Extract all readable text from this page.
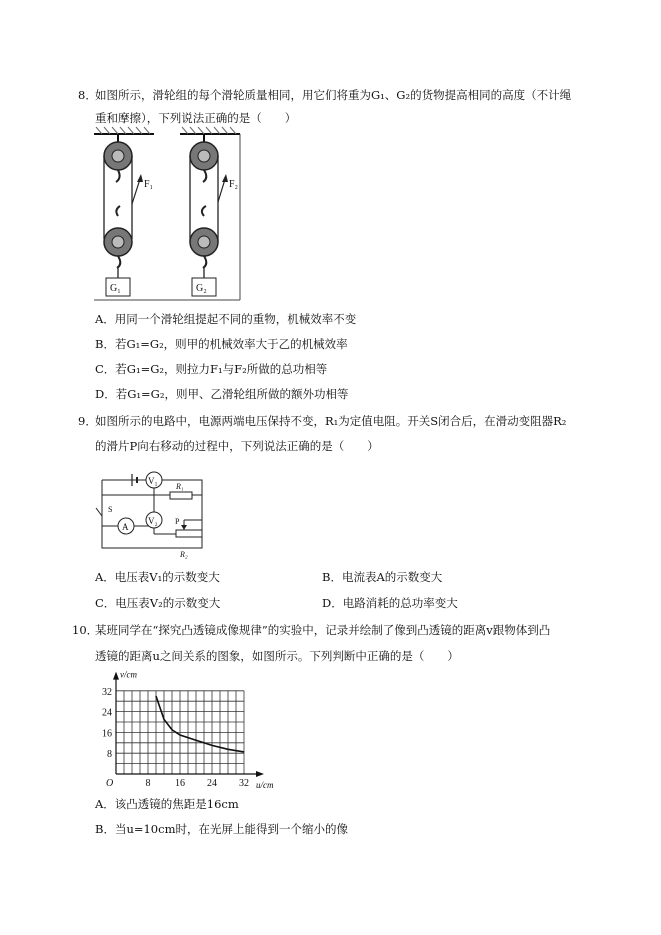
8．
如图所示，滑轮组的每个滑轮质量相同，用它们将重为G₁、G₂的货物提高相同的高度（不计绳
重和摩擦），下列说法正确的是（　　）
F₁	F₂
G₁	G₂
A．用同一个滑轮组提起不同的重物，机械效率不变
B．若G₁=G₂，则甲的机械效率大于乙的机械效率
C．若G₁=G₂，则拉力F₁与F₂所做的总功相等
D．若G₁=G₂，则甲、乙滑轮组所做的额外功相等
9．
如图所示的电路中，电源两端电压保持不变，R₁为定值电阻。开关S闭合后，在滑动变阻器R₂
的滑片P向右移动的过程中，下列说法正确的是（　　）
V₁
V₂
A
R₁
R₂
S
P
A．电压表V₁的示数变大	B．电流表A的示数变大
C．电压表V₂的示数变大	D．电路消耗的总功率变大
10．
某班同学在“探究凸透镜成像规律”的实验中，记录并绘制了像到凸透镜的距离v跟物体到凸
透镜的距离u之间关系的图象，如图所示。下列判断中正确的是（　　）
8 16 24 32
8
16
24
32
O	u/cm
v/cm
A．该凸透镜的焦距是16cm
B．当u=10cm时，在光屏上能得到一个缩小的像
